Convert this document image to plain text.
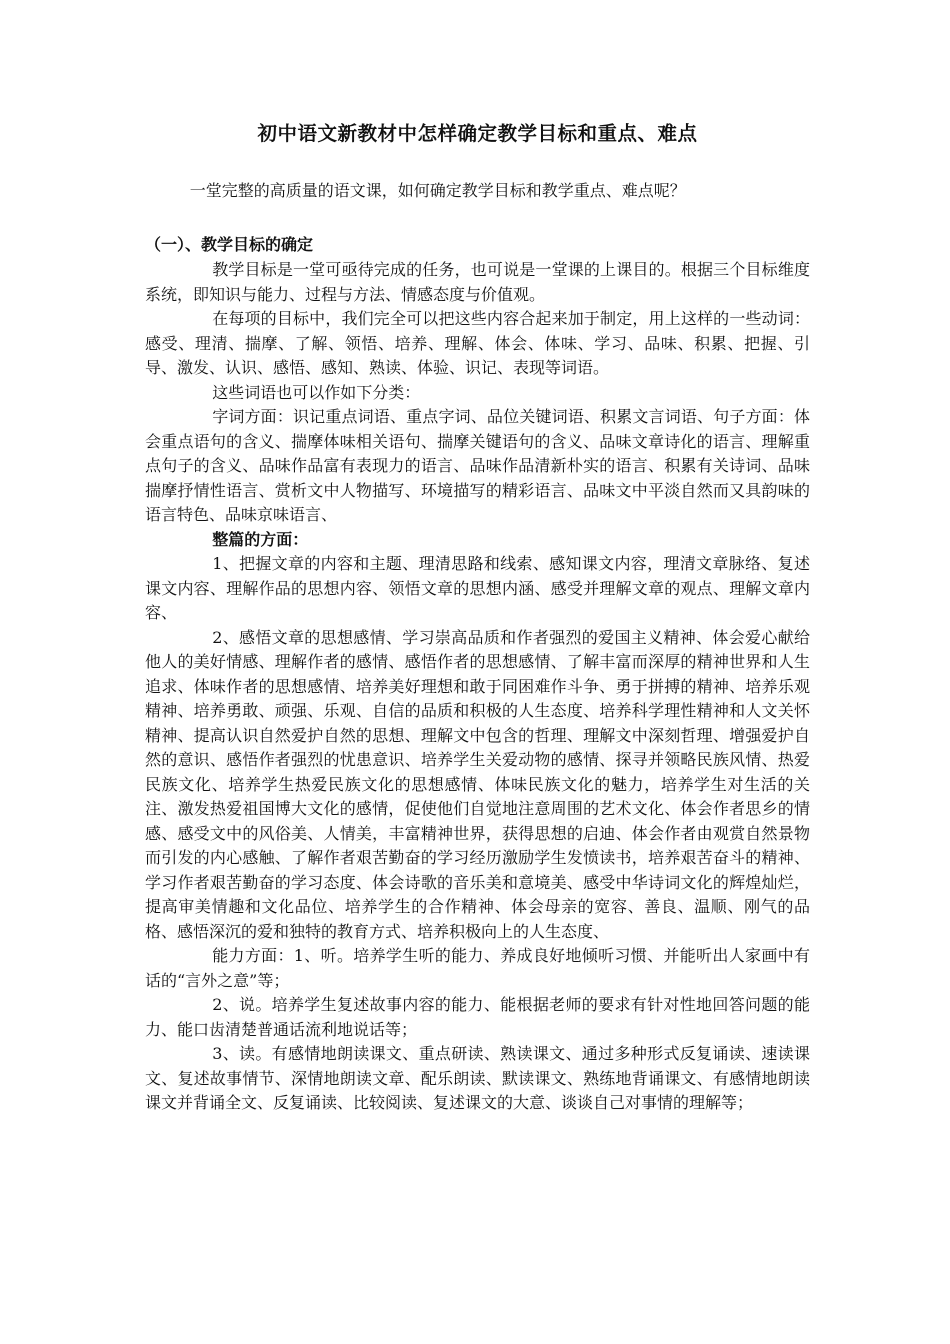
初中语文新教材中怎样确定教学目标和重点、难点
一堂完整的高质量的语文课，如何确定教学目标和教学重点、难点呢？
（一）、教学目标的确定

教学目标是一堂可亟待完成的任务，也可说是一堂课的上课目的。根据三个目标维度系统，即知识与能力、过程与方法、情感态度与价值观。

在每项的目标中，我们完全可以把这些内容合起来加于制定，用上这样的一些动词：感受、理清、揣摩、了解、领悟、培养、理解、体会、体味、学习、品味、积累、把握、引导、激发、认识、感悟、感知、熟读、体验、识记、表现等词语。

这些词语也可以作如下分类：

字词方面：识记重点词语、重点字词、品位关键词语、积累文言词语、句子方面：体会重点语句的含义、揣摩体味相关语句、揣摩关键语句的含义、品味文章诗化的语言、理解重点句子的含义、品味作品富有表现力的语言、品味作品清新朴实的语言、积累有关诗词、品味揣摩抒情性语言、赏析文中人物描写、环境描写的精彩语言、品味文中平淡自然而又具韵味的语言特色、品味京味语言、

整篇的方面：

1、把握文章的内容和主题、理清思路和线索、感知课文内容，理清文章脉络、复述课文内容、理解作品的思想内容、领悟文章的思想内涵、感受并理解文章的观点、理解文章内容、

2、感悟文章的思想感情、学习崇高品质和作者强烈的爱国主义精神、体会爱心献给他人的美好情感、理解作者的感情、感悟作者的思想感情、了解丰富而深厚的精神世界和人生追求、体味作者的思想感情、培养美好理想和敢于同困难作斗争、勇于拼搏的精神、培养乐观精神、培养勇敢、顽强、乐观、自信的品质和积极的人生态度、培养科学理性精神和人文关怀精神、提高认识自然爱护自然的思想、理解文中包含的哲理、理解文中深刻哲理、增强爱护自然的意识、感悟作者强烈的忧患意识、培养学生关爱动物的感情、探寻并领略民族风情、热爱民族文化、培养学生热爱民族文化的思想感情、体味民族文化的魅力，培养学生对生活的关注、激发热爱祖国博大文化的感情，促使他们自觉地注意周围的艺术文化、体会作者思乡的情感、感受文中的风俗美、人情美，丰富精神世界，获得思想的启迪、体会作者由观赏自然景物而引发的内心感触、了解作者艰苦勤奋的学习经历激励学生发愤读书，培养艰苦奋斗的精神、学习作者艰苦勤奋的学习态度、体会诗歌的音乐美和意境美、感受中华诗词文化的辉煌灿烂，提高审美情趣和文化品位、培养学生的合作精神、体会母亲的宽容、善良、温顺、刚气的品格、感悟深沉的爱和独特的教育方式、培养积极向上的人生态度、

能力方面：1、听。培养学生听的能力、养成良好地倾听习惯、并能听出人家画中有话的“言外之意”等；

2、说。培养学生复述故事内容的能力、能根据老师的要求有针对性地回答问题的能力、能口齿清楚普通话流利地说话等；

3、读。有感情地朗读课文、重点研读、熟读课文、通过多种形式反复诵读、速读课文、复述故事情节、深情地朗读文章、配乐朗读、默读课文、熟练地背诵课文、有感情地朗读课文并背诵全文、反复诵读、比较阅读、复述课文的大意、谈谈自己对事情的理解等；
